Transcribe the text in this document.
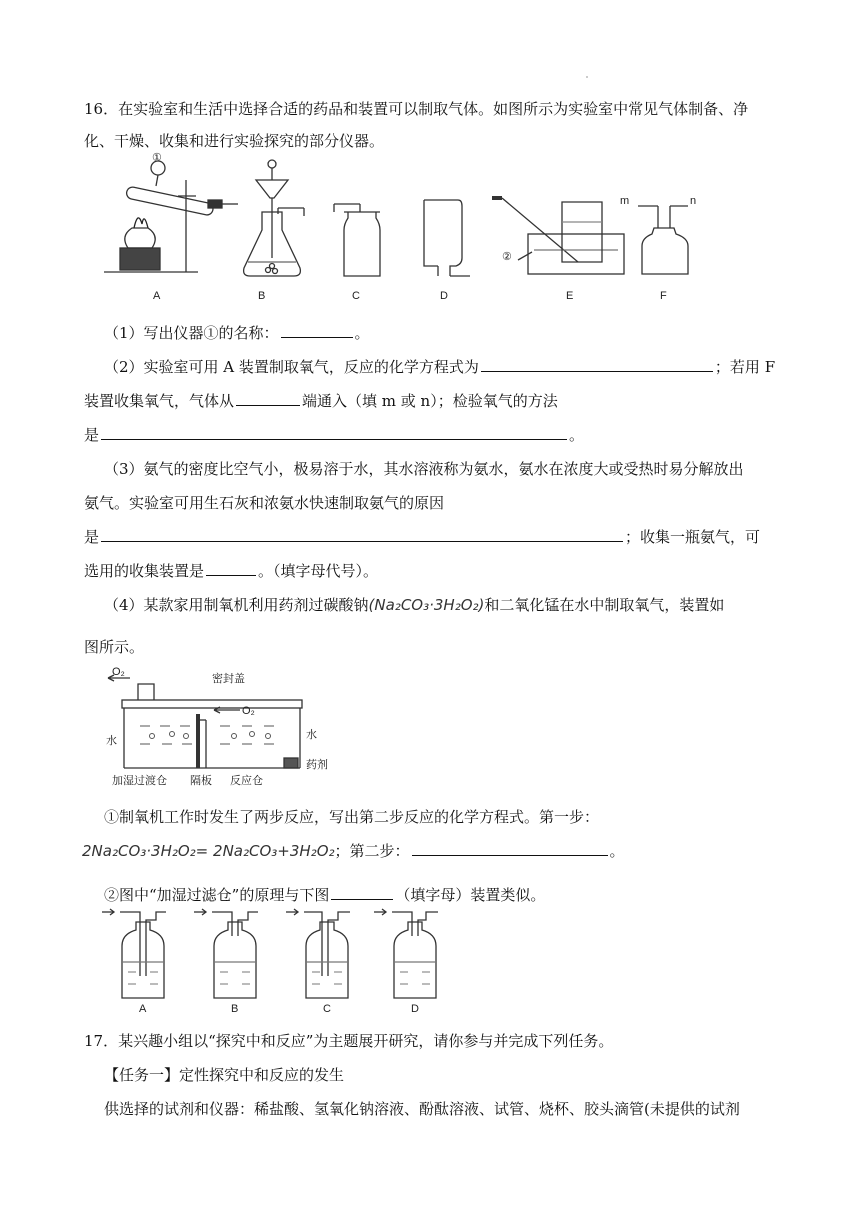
16．在实验室和生活中选择合适的药品和装置可以制取气体。如图所示为实验室中常见气体制备、净
化、干燥、收集和进行实验探究的部分仪器。
①
②
m	n
A	B	C	D	E	F
（1）写出仪器①的名称：	。
（2）实验室可用 A 装置制取氧气，反应的化学方程式为	；若用 F
装置收集氧气，气体从	端通入（填 m 或 n）；检验氧气的方法
是	。
（3）氨气的密度比空气小，极易溶于水，其水溶液称为氨水，氨水在浓度大或受热时易分解放出
氨气。实验室可用生石灰和浓氨水快速制取氨气的原因
是	；收集一瓶氨气，可
选用的收集装置是	。（填字母代号）。
（4）某款家用制氧机利用药剂过碳酸钠(Na₂CO₃·3H₂O₂)和二氧化锰在水中制取氧气，装置如
图所示。
O₂
密封盖
O₂
水	水
药剂
加湿过渡仓 隔板 反应仓
①制氧机工作时发生了两步反应，写出第二步反应的化学方程式。第一步：
2Na₂CO₃·3H₂O₂= 2Na₂CO₃+3H₂O₂；第二步：	。
②图中“加湿过滤仓”的原理与下图	（填字母）装置类似。
A	B	C	D
17．某兴趣小组以“探究中和反应”为主题展开研究，请你参与并完成下列任务。
【任务一】定性探究中和反应的发生
供选择的试剂和仪器：稀盐酸、氢氧化钠溶液、酚酞溶液、试管、烧杯、胶头滴管(未提供的试剂
